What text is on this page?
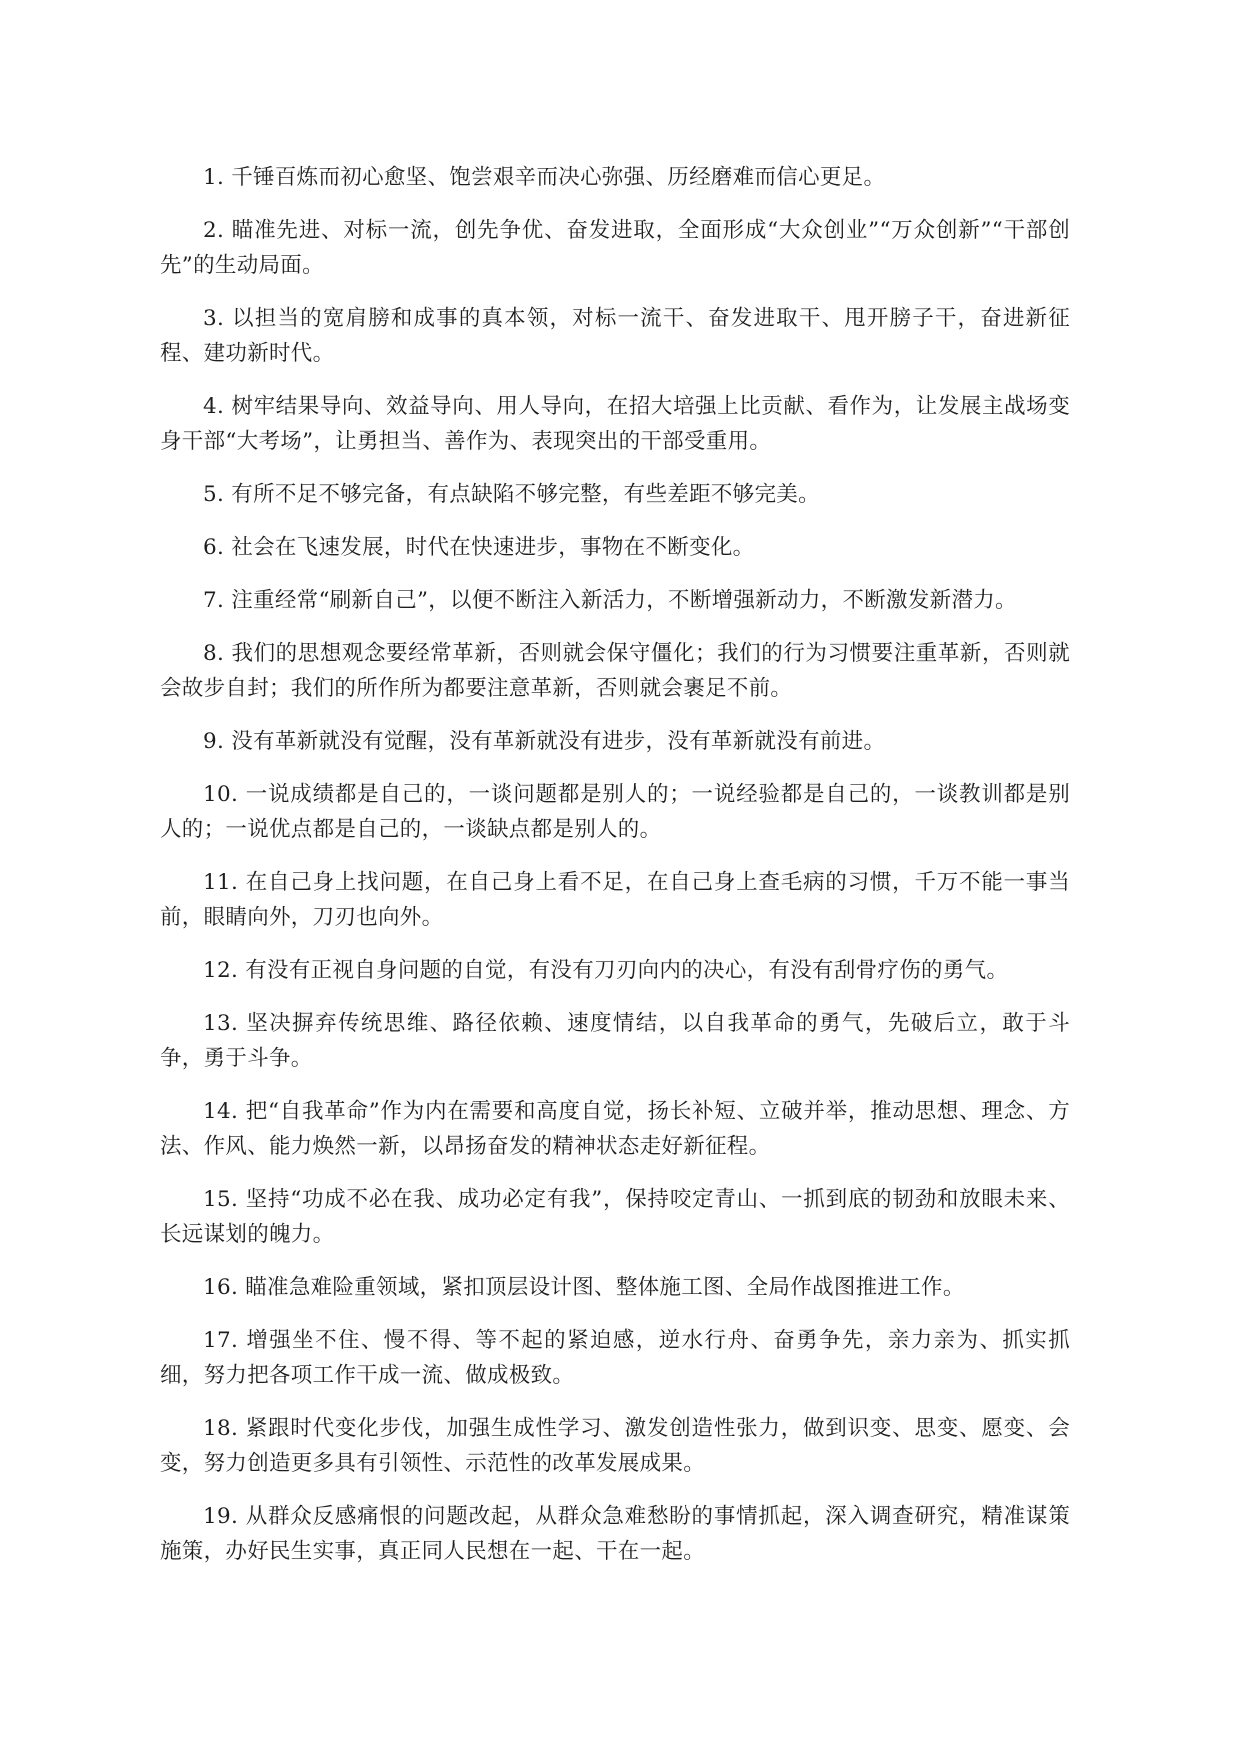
1. 千锤百炼而初心愈坚、饱尝艰辛而决心弥强、历经磨难而信心更足。

2. 瞄准先进、对标一流，创先争优、奋发进取，全面形成“大众创业”“万众创新”“干部创先”的生动局面。

3. 以担当的宽肩膀和成事的真本领，对标一流干、奋发进取干、甩开膀子干，奋进新征程、建功新时代。

4. 树牢结果导向、效益导向、用人导向，在招大培强上比贡献、看作为，让发展主战场变身干部“大考场”，让勇担当、善作为、表现突出的干部受重用。

5. 有所不足不够完备，有点缺陷不够完整，有些差距不够完美。

6. 社会在飞速发展，时代在快速进步，事物在不断变化。

7. 注重经常“刷新自己”，以便不断注入新活力，不断增强新动力，不断激发新潜力。

8. 我们的思想观念要经常革新，否则就会保守僵化；我们的行为习惯要注重革新，否则就会故步自封；我们的所作所为都要注意革新，否则就会裹足不前。

9. 没有革新就没有觉醒，没有革新就没有进步，没有革新就没有前进。

10. 一说成绩都是自己的，一谈问题都是别人的；一说经验都是自己的，一谈教训都是别人的；一说优点都是自己的，一谈缺点都是别人的。

11. 在自己身上找问题，在自己身上看不足，在自己身上查毛病的习惯，千万不能一事当前，眼睛向外，刀刃也向外。

12. 有没有正视自身问题的自觉，有没有刀刃向内的决心，有没有刮骨疗伤的勇气。

13. 坚决摒弃传统思维、路径依赖、速度情结，以自我革命的勇气，先破后立，敢于斗争，勇于斗争。

14. 把“自我革命”作为内在需要和高度自觉，扬长补短、立破并举，推动思想、理念、方法、作风、能力焕然一新，以昂扬奋发的精神状态走好新征程。

15. 坚持“功成不必在我、成功必定有我”，保持咬定青山、一抓到底的韧劲和放眼未来、长远谋划的魄力。

16. 瞄准急难险重领域，紧扣顶层设计图、整体施工图、全局作战图推进工作。

17. 增强坐不住、慢不得、等不起的紧迫感，逆水行舟、奋勇争先，亲力亲为、抓实抓细，努力把各项工作干成一流、做成极致。

18. 紧跟时代变化步伐，加强生成性学习、激发创造性张力，做到识变、思变、愿变、会变，努力创造更多具有引领性、示范性的改革发展成果。

19. 从群众反感痛恨的问题改起，从群众急难愁盼的事情抓起，深入调查研究，精准谋策施策，办好民生实事，真正同人民想在一起、干在一起。
